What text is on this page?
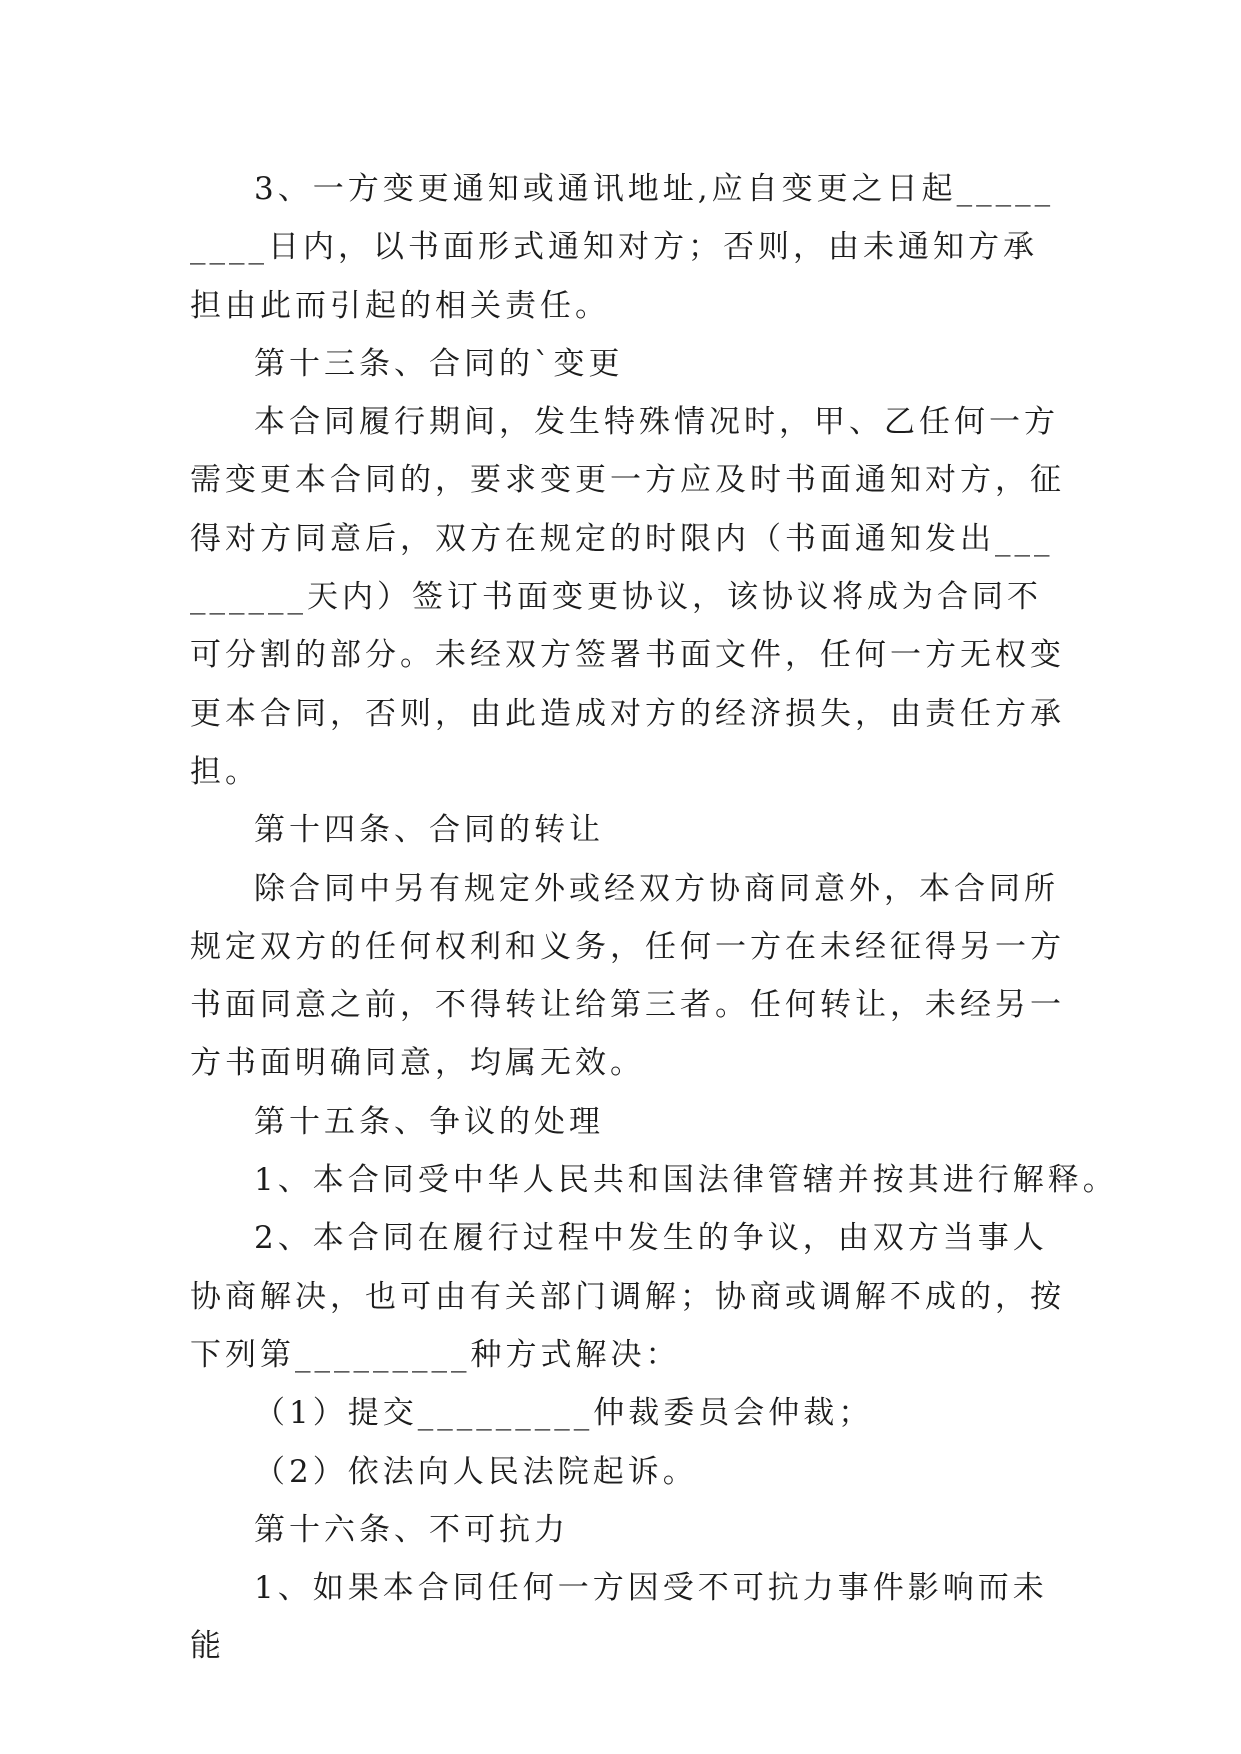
3、一方变更通知或通讯地址,应自变更之日起_________日内，以书面形式通知对方；否则，由未通知方承担由此而引起的相关责任。

第十三条、合同的`变更

本合同履行期间，发生特殊情况时，甲、乙任何一方需变更本合同的，要求变更一方应及时书面通知对方，征得对方同意后，双方在规定的时限内（书面通知发出_________天内）签订书面变更协议，该协议将成为合同不可分割的部分。未经双方签署书面文件，任何一方无权变更本合同，否则，由此造成对方的经济损失，由责任方承担。

第十四条、合同的转让

除合同中另有规定外或经双方协商同意外，本合同所规定双方的任何权利和义务，任何一方在未经征得另一方书面同意之前，不得转让给第三者。任何转让，未经另一方书面明确同意，均属无效。

第十五条、争议的处理

1、本合同受中华人民共和国法律管辖并按其进行解释。

2、本合同在履行过程中发生的争议，由双方当事人协商解决，也可由有关部门调解；协商或调解不成的，按下列第_________种方式解决：

（1）提交_________仲裁委员会仲裁；

（2）依法向人民法院起诉。

第十六条、不可抗力

1、如果本合同任何一方因受不可抗力事件影响而未能
